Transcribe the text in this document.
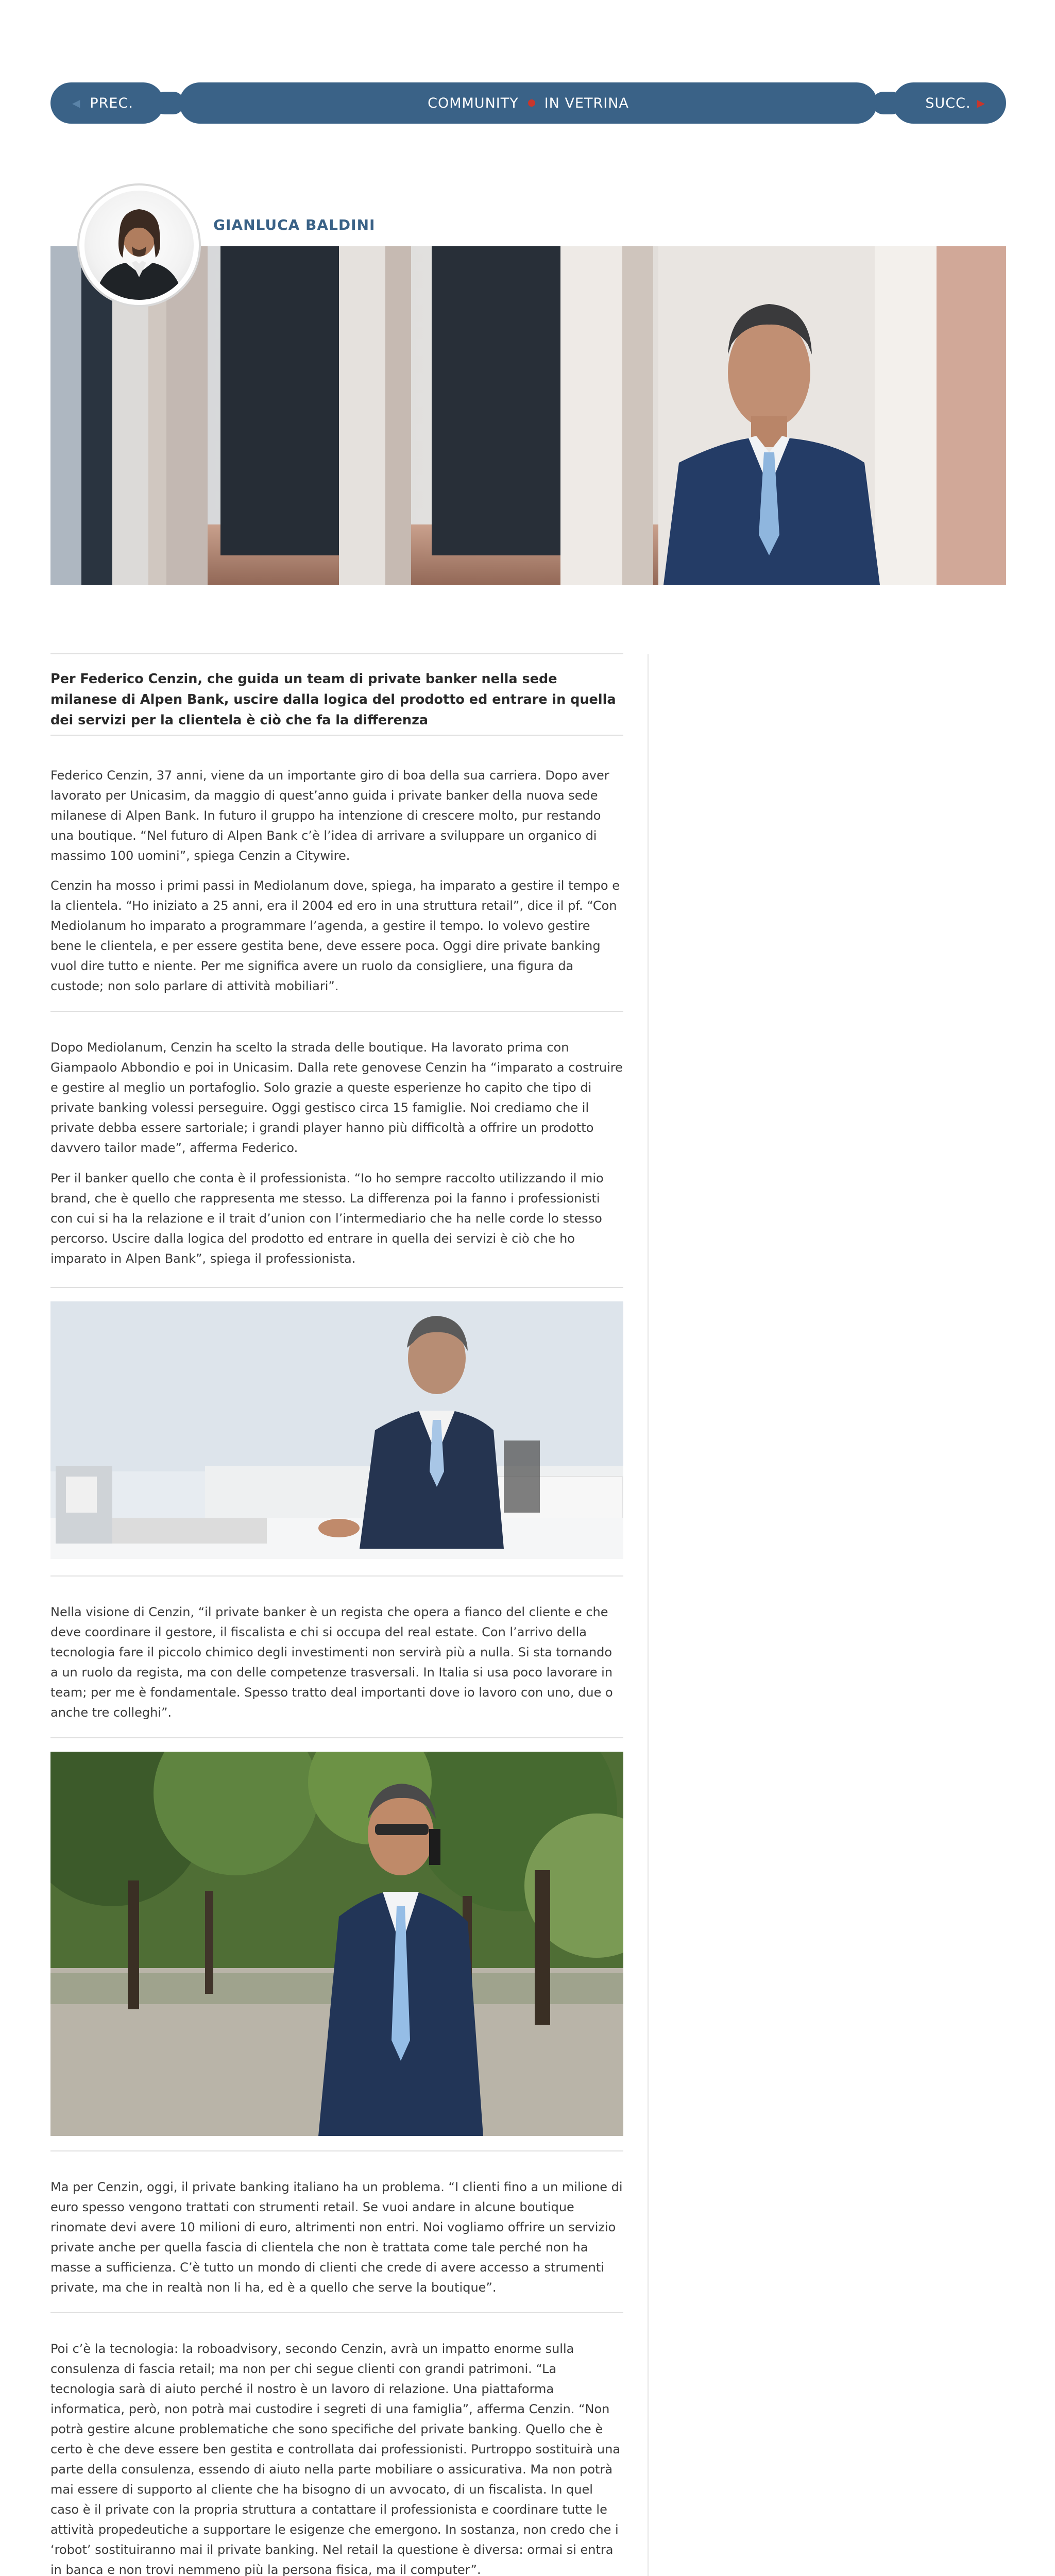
◀ PREC.	COMMUNITY IN VETRINA	SUCC. ▶
GIANLUCA BALDINI
Per Federico Cenzin, che guida un team di private banker nella sede milanese di Alpen Bank, uscire dalla logica del prodotto ed entrare in quella dei servizi per la clientela è ciò che fa la differenza
Federico Cenzin, 37 anni, viene da un importante giro di boa della sua carriera. Dopo aver lavorato per Unicasim, da maggio di quest’anno guida i private banker della nuova sede milanese di Alpen Bank. In futuro il gruppo ha intenzione di crescere molto, pur restando una boutique. “Nel futuro di Alpen Bank c’è l’idea di arrivare a sviluppare un organico di massimo 100 uomini”, spiega Cenzin a Citywire.
Cenzin ha mosso i primi passi in Mediolanum dove, spiega, ha imparato a gestire il tempo e la clientela. “Ho iniziato a 25 anni, era il 2004 ed ero in una struttura retail”, dice il pf. “Con Mediolanum ho imparato a programmare l’agenda, a gestire il tempo. Io volevo gestire bene le clientela, e per essere gestita bene, deve essere poca. Oggi dire private banking vuol dire tutto e niente. Per me significa avere un ruolo da consigliere, una figura da custode; non solo parlare di attività mobiliari”.
Dopo Mediolanum, Cenzin ha scelto la strada delle boutique. Ha lavorato prima con Giampaolo Abbondio e poi in Unicasim. Dalla rete genovese Cenzin ha “imparato a costruire e gestire al meglio un portafoglio. Solo grazie a queste esperienze ho capito che tipo di private banking volessi perseguire. Oggi gestisco circa 15 famiglie. Noi crediamo che il private debba essere sartoriale; i grandi player hanno più difficoltà a offrire un prodotto davvero tailor made”, afferma Federico.
Per il banker quello che conta è il professionista. “Io ho sempre raccolto utilizzando il mio brand, che è quello che rappresenta me stesso. La differenza poi la fanno i professionisti con cui si ha la relazione e il trait d’union con l’intermediario che ha nelle corde lo stesso percorso. Uscire dalla logica del prodotto ed entrare in quella dei servizi è ciò che ho imparato in Alpen Bank”, spiega il professionista.
Nella visione di Cenzin, “il private banker è un regista che opera a fianco del cliente e che deve coordinare il gestore, il fiscalista e chi si occupa del real estate. Con l’arrivo della tecnologia fare il piccolo chimico degli investimenti non servirà più a nulla. Si sta tornando a un ruolo da regista, ma con delle competenze trasversali. In Italia si usa poco lavorare in team; per me è fondamentale. Spesso tratto deal importanti dove io lavoro con uno, due o anche tre colleghi”.
Ma per Cenzin, oggi, il private banking italiano ha un problema. “I clienti fino a un milione di euro spesso vengono trattati con strumenti retail. Se vuoi andare in alcune boutique rinomate devi avere 10 milioni di euro, altrimenti non entri. Noi vogliamo offrire un servizio private anche per quella fascia di clientela che non è trattata come tale perché non ha masse a sufficienza. C’è tutto un mondo di clienti che crede di avere accesso a strumenti private, ma che in realtà non li ha, ed è a quello che serve la boutique”.
Poi c’è la tecnologia: la roboadvisory, secondo Cenzin, avrà un impatto enorme sulla consulenza di fascia retail; ma non per chi segue clienti con grandi patrimoni. “La tecnologia sarà di aiuto perché il nostro è un lavoro di relazione. Una piattaforma informatica, però, non potrà mai custodire i segreti di una famiglia”, afferma Cenzin. “Non potrà gestire alcune problematiche che sono specifiche del private banking. Quello che è certo è che deve essere ben gestita e controllata dai professionisti. Purtroppo sostituirà una parte della consulenza, essendo di aiuto nella parte mobiliare o assicurativa. Ma non potrà mai essere di supporto al cliente che ha bisogno di un avvocato, di un fiscalista. In quel caso è il private con la propria struttura a contattare il professionista e coordinare tutte le attività propedeutiche a supportare le esigenze che emergono. In sostanza, non credo che i ‘robot’ sostituiranno mai il private banking. Nel retail la questione è diversa: ormai si entra in banca e non trovi nemmeno più la persona fisica, ma il computer”.
